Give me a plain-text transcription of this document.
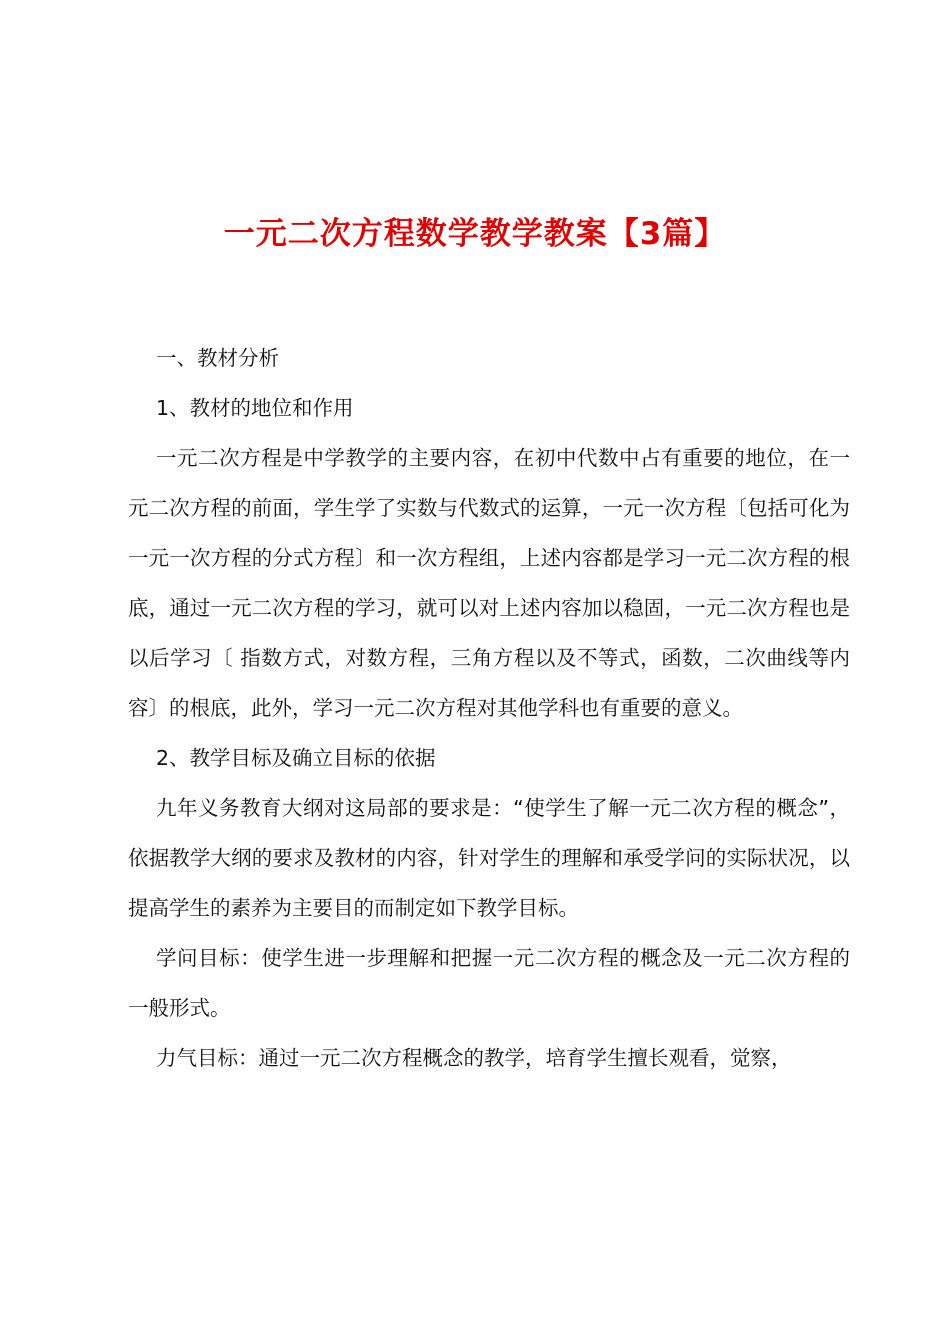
一元二次方程数学教学教案【3篇】

一、教材分析

1、教材的地位和作用

一元二次方程是中学教学的主要内容，在初中代数中占有重要的地位，在一元二次方程的前面，学生学了实数与代数式的运算，一元一次方程〔包括可化为一元一次方程的分式方程〕和一次方程组，上述内容都是学习一元二次方程的根底，通过一元二次方程的学习，就可以对上述内容加以稳固，一元二次方程也是以后学习〔 指数方式，对数方程，三角方程以及不等式，函数，二次曲线等内容〕的根底，此外，学习一元二次方程对其他学科也有重要的意义。

2、教学目标及确立目标的依据

九年义务教育大纲对这局部的要求是：“使学生了解一元二次方程的概念”，依据教学大纲的要求及教材的内容，针对学生的理解和承受学问的实际状况，以提高学生的素养为主要目的而制定如下教学目标。

学问目标：使学生进一步理解和把握一元二次方程的概念及一元二次方程的一般形式。

力气目标：通过一元二次方程概念的教学，培育学生擅长观看，觉察，
